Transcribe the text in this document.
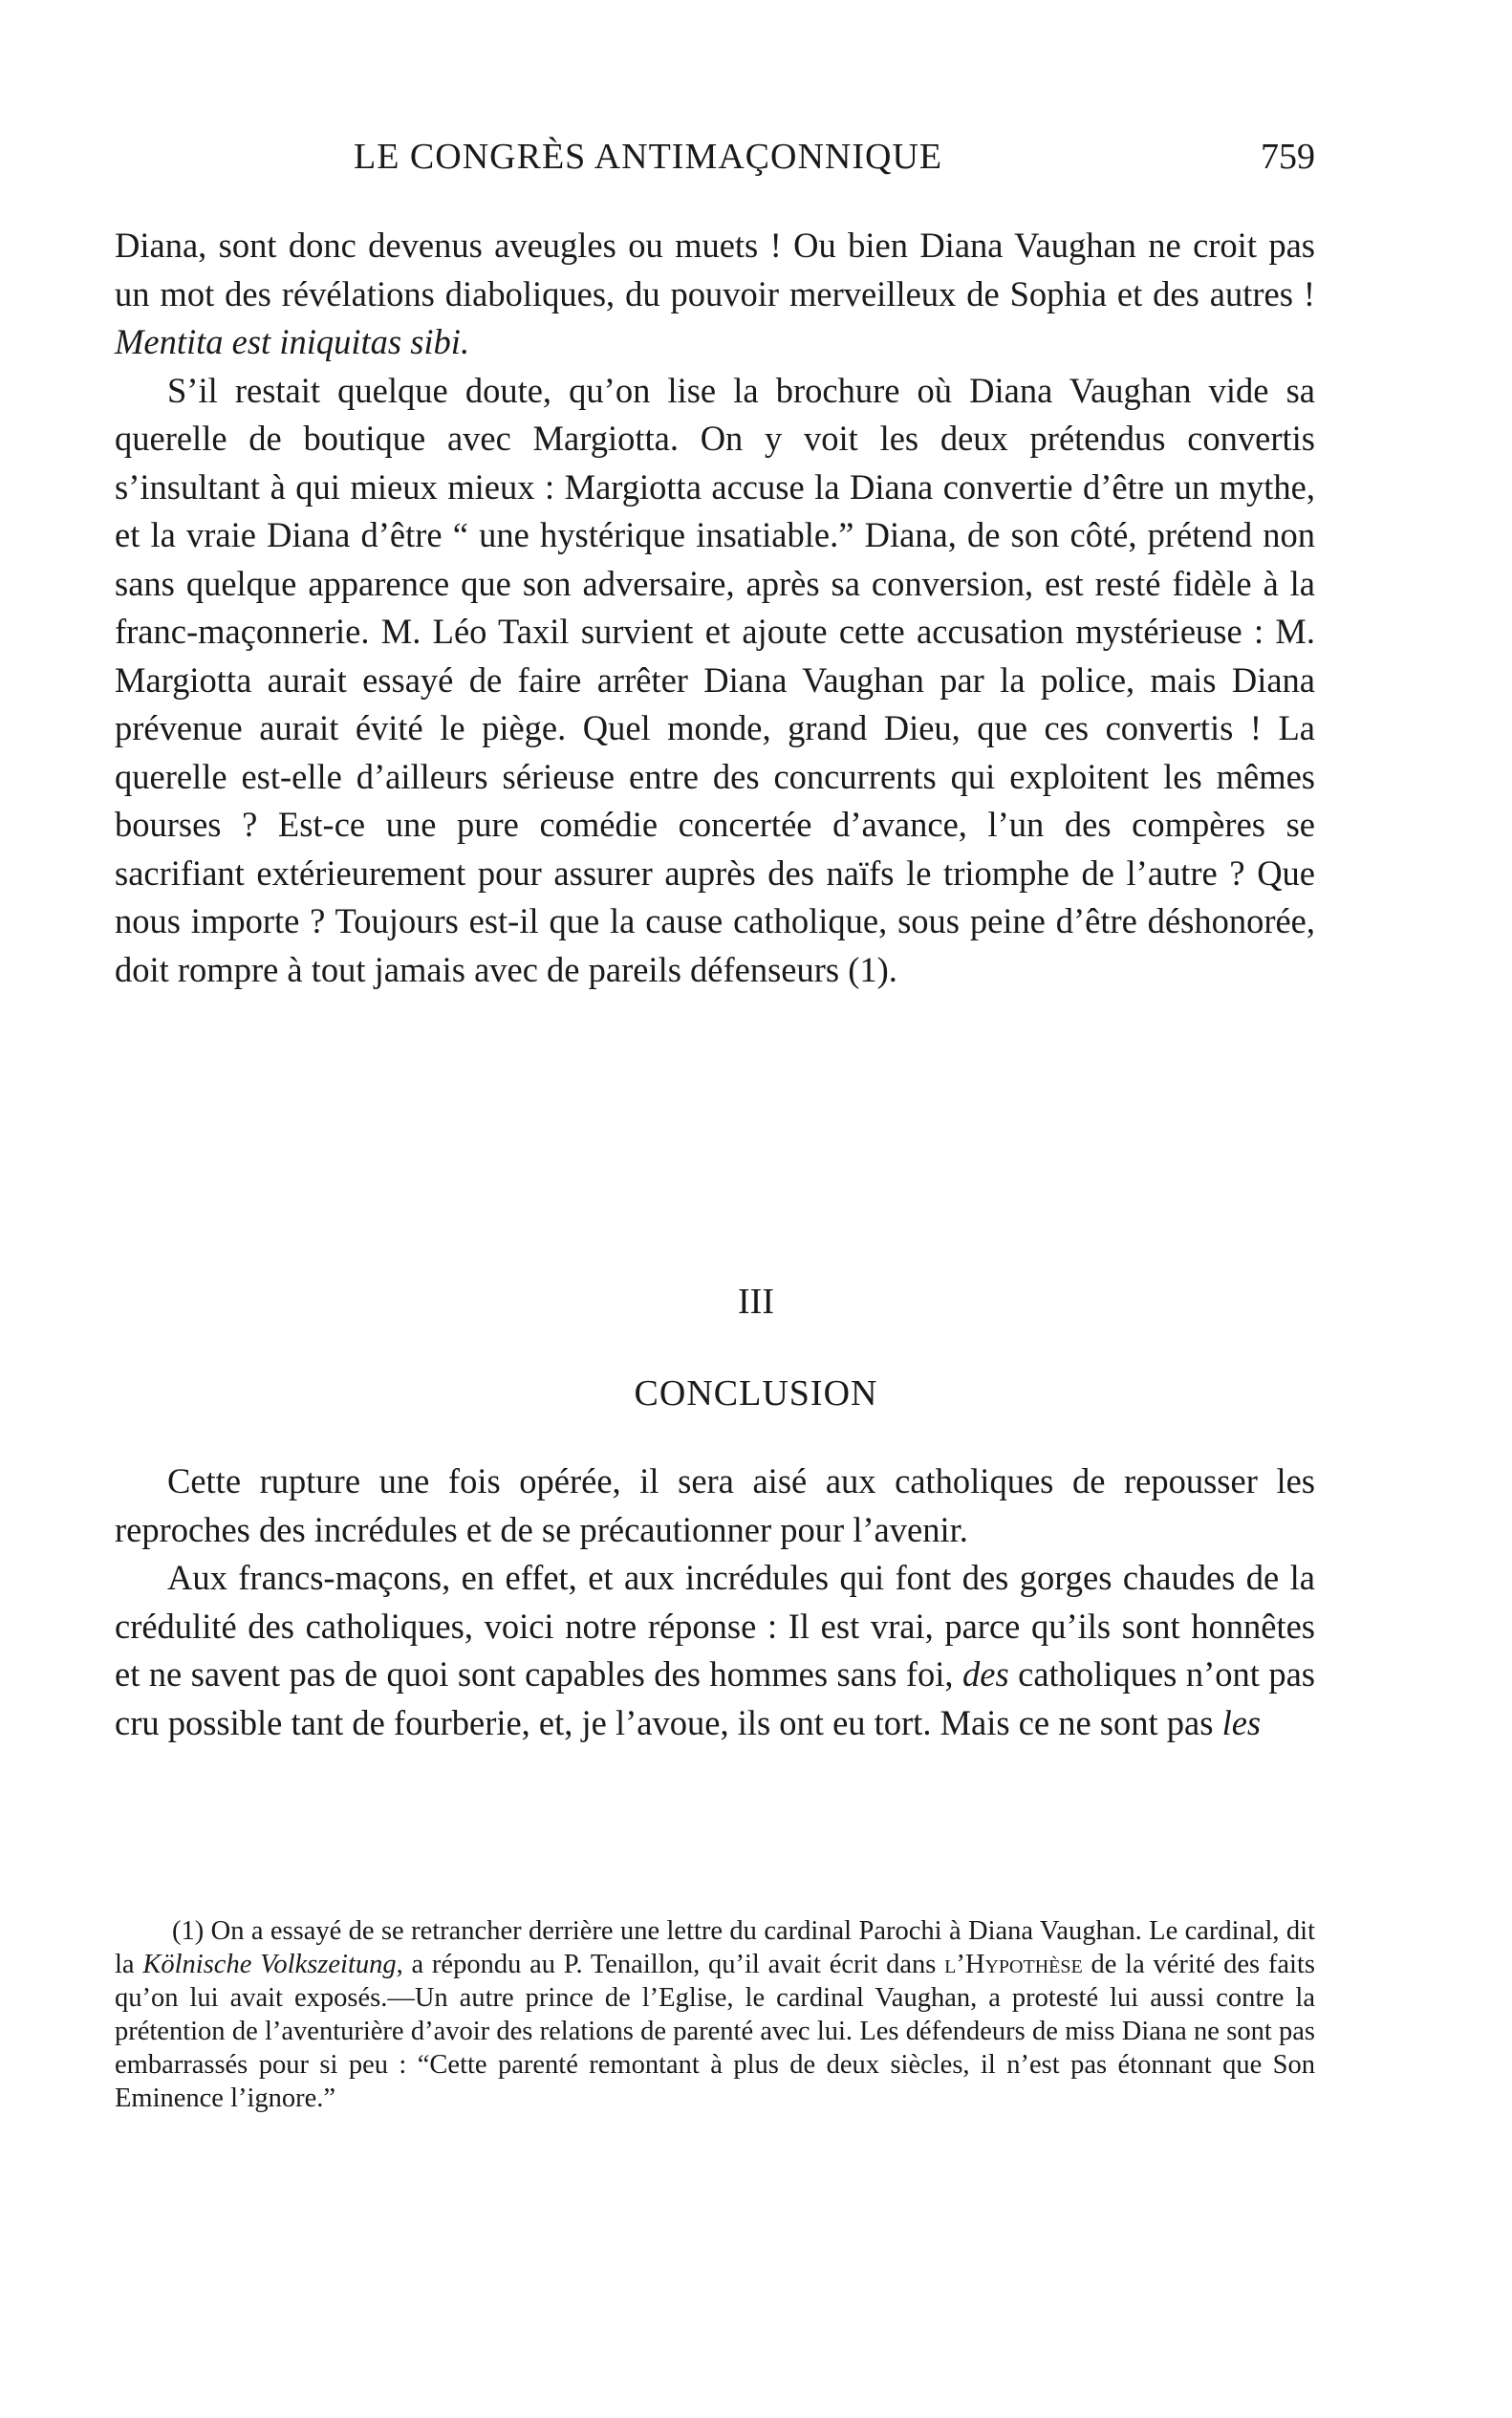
LE CONGRÈS ANTIMAÇONNIQUE	759

Diana, sont donc devenus aveugles ou muets ! Ou bien Diana Vaughan ne croit pas un mot des révélations diaboliques, du pouvoir merveilleux de Sophia et des autres ! Mentita est iniquitas sibi.

S’il restait quelque doute, qu’on lise la brochure où Diana Vaughan vide sa querelle de boutique avec Margiotta. On y voit les deux prétendus convertis s’insultant à qui mieux mieux : Margiotta accuse la Diana convertie d’être un mythe, et la vraie Diana d’être “ une hystérique insatiable.” Diana, de son côté, prétend non sans quelque apparence que son adversaire, après sa conversion, est resté fidèle à la franc-maçonnerie. M. Léo Taxil survient et ajoute cette accusation mystérieuse : M. Margiotta aurait essayé de faire arrêter Diana Vaughan par la police, mais Diana prévenue aurait évité le piège. Quel monde, grand Dieu, que ces convertis ! La querelle est-elle d’ailleurs sérieuse entre des concurrents qui exploitent les mêmes bourses ? Est-ce une pure comédie concertée d’avance, l’un des compères se sacrifiant extérieurement pour assurer auprès des naïfs le triomphe de l’autre ? Que nous importe ? Toujours est-il que la cause catholique, sous peine d’être déshonorée, doit rompre à tout jamais avec de pareils défenseurs (1).

III
CONCLUSION

Cette rupture une fois opérée, il sera aisé aux catholiques de repousser les reproches des incrédules et de se précautionner pour l’avenir.

Aux francs-maçons, en effet, et aux incrédules qui font des gorges chaudes de la crédulité des catholiques, voici notre réponse : Il est vrai, parce qu’ils sont honnêtes et ne savent pas de quoi sont capables des hommes sans foi, des catholiques n’ont pas cru possible tant de fourberie, et, je l’avoue, ils ont eu tort. Mais ce ne sont pas les

(1) On a essayé de se retrancher derrière une lettre du cardinal Parochi à Diana Vaughan. Le cardinal, dit la Kölnische Volkszeitung, a répondu au P. Tenaillon, qu’il avait écrit dans l’Hypothèse de la vérité des faits qu’on lui avait exposés.—Un autre prince de l’Eglise, le cardinal Vaughan, a protesté lui aussi contre la prétention de l’aventurière d’avoir des relations de parenté avec lui. Les défendeurs de miss Diana ne sont pas embarrassés pour si peu : “Cette parenté remontant à plus de deux siècles, il n’est pas étonnant que Son Eminence l’ignore.”
